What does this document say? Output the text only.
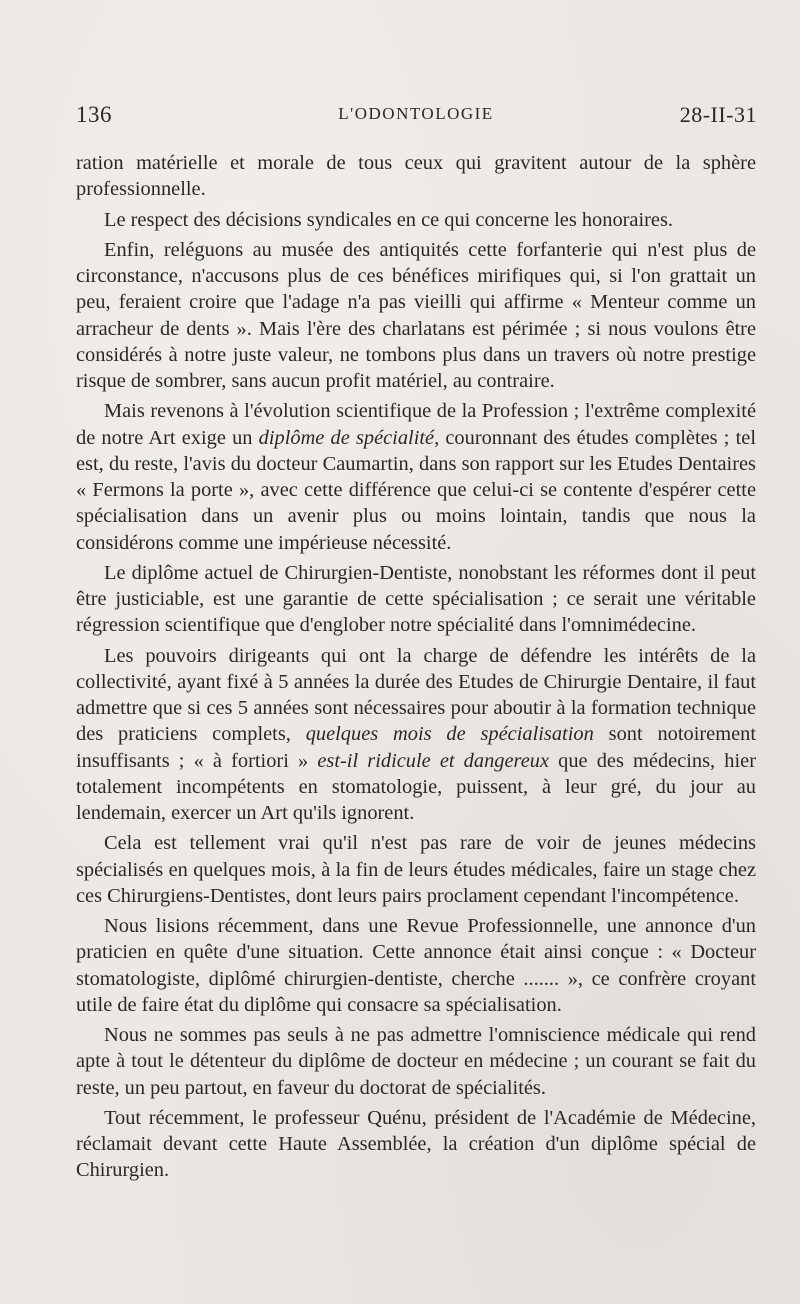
136	L'ODONTOLOGIE	28-II-31

ration matérielle et morale de tous ceux qui gravitent autour de la sphère professionnelle.

Le respect des décisions syndicales en ce qui concerne les honoraires.

Enfin, reléguons au musée des antiquités cette forfanterie qui n'est plus de circonstance, n'accusons plus de ces bénéfices mirifiques qui, si l'on grattait un peu, feraient croire que l'adage n'a pas vieilli qui affirme « Menteur comme un arracheur de dents ». Mais l'ère des charlatans est périmée ; si nous voulons être considérés à notre juste valeur, ne tombons plus dans un travers où notre prestige risque de sombrer, sans aucun profit matériel, au contraire.

Mais revenons à l'évolution scientifique de la Profession ; l'extrême complexité de notre Art exige un diplôme de spécialité, couronnant des études complètes ; tel est, du reste, l'avis du docteur Caumartin, dans son rapport sur les Etudes Dentaires « Fermons la porte », avec cette différence que celui-ci se contente d'espérer cette spécialisation dans un avenir plus ou moins lointain, tandis que nous la considérons comme une impérieuse nécessité.

Le diplôme actuel de Chirurgien-Dentiste, nonobstant les réformes dont il peut être justiciable, est une garantie de cette spécialisation ; ce serait une véritable régression scientifique que d'englober notre spécialité dans l'omnimédecine.

Les pouvoirs dirigeants qui ont la charge de défendre les intérêts de la collectivité, ayant fixé à 5 années la durée des Etudes de Chirurgie Dentaire, il faut admettre que si ces 5 années sont nécessaires pour aboutir à la formation technique des praticiens complets, quelques mois de spécialisation sont notoirement insuffisants ; « à fortiori » est-il ridicule et dangereux que des médecins, hier totalement incompétents en stomatologie, puissent, à leur gré, du jour au lendemain, exercer un Art qu'ils ignorent.

Cela est tellement vrai qu'il n'est pas rare de voir de jeunes médecins spécialisés en quelques mois, à la fin de leurs études médicales, faire un stage chez ces Chirurgiens-Dentistes, dont leurs pairs proclament cependant l'incompétence.

Nous lisions récemment, dans une Revue Professionnelle, une annonce d'un praticien en quête d'une situation. Cette annonce était ainsi conçue : « Docteur stomatologiste, diplômé chirurgien-dentiste, cherche ....... », ce confrère croyant utile de faire état du diplôme qui consacre sa spécialisation.

Nous ne sommes pas seuls à ne pas admettre l'omniscience médicale qui rend apte à tout le détenteur du diplôme de docteur en médecine ; un courant se fait du reste, un peu partout, en faveur du doctorat de spécialités.

Tout récemment, le professeur Quénu, président de l'Académie de Médecine, réclamait devant cette Haute Assemblée, la création d'un diplôme spécial de Chirurgien.
